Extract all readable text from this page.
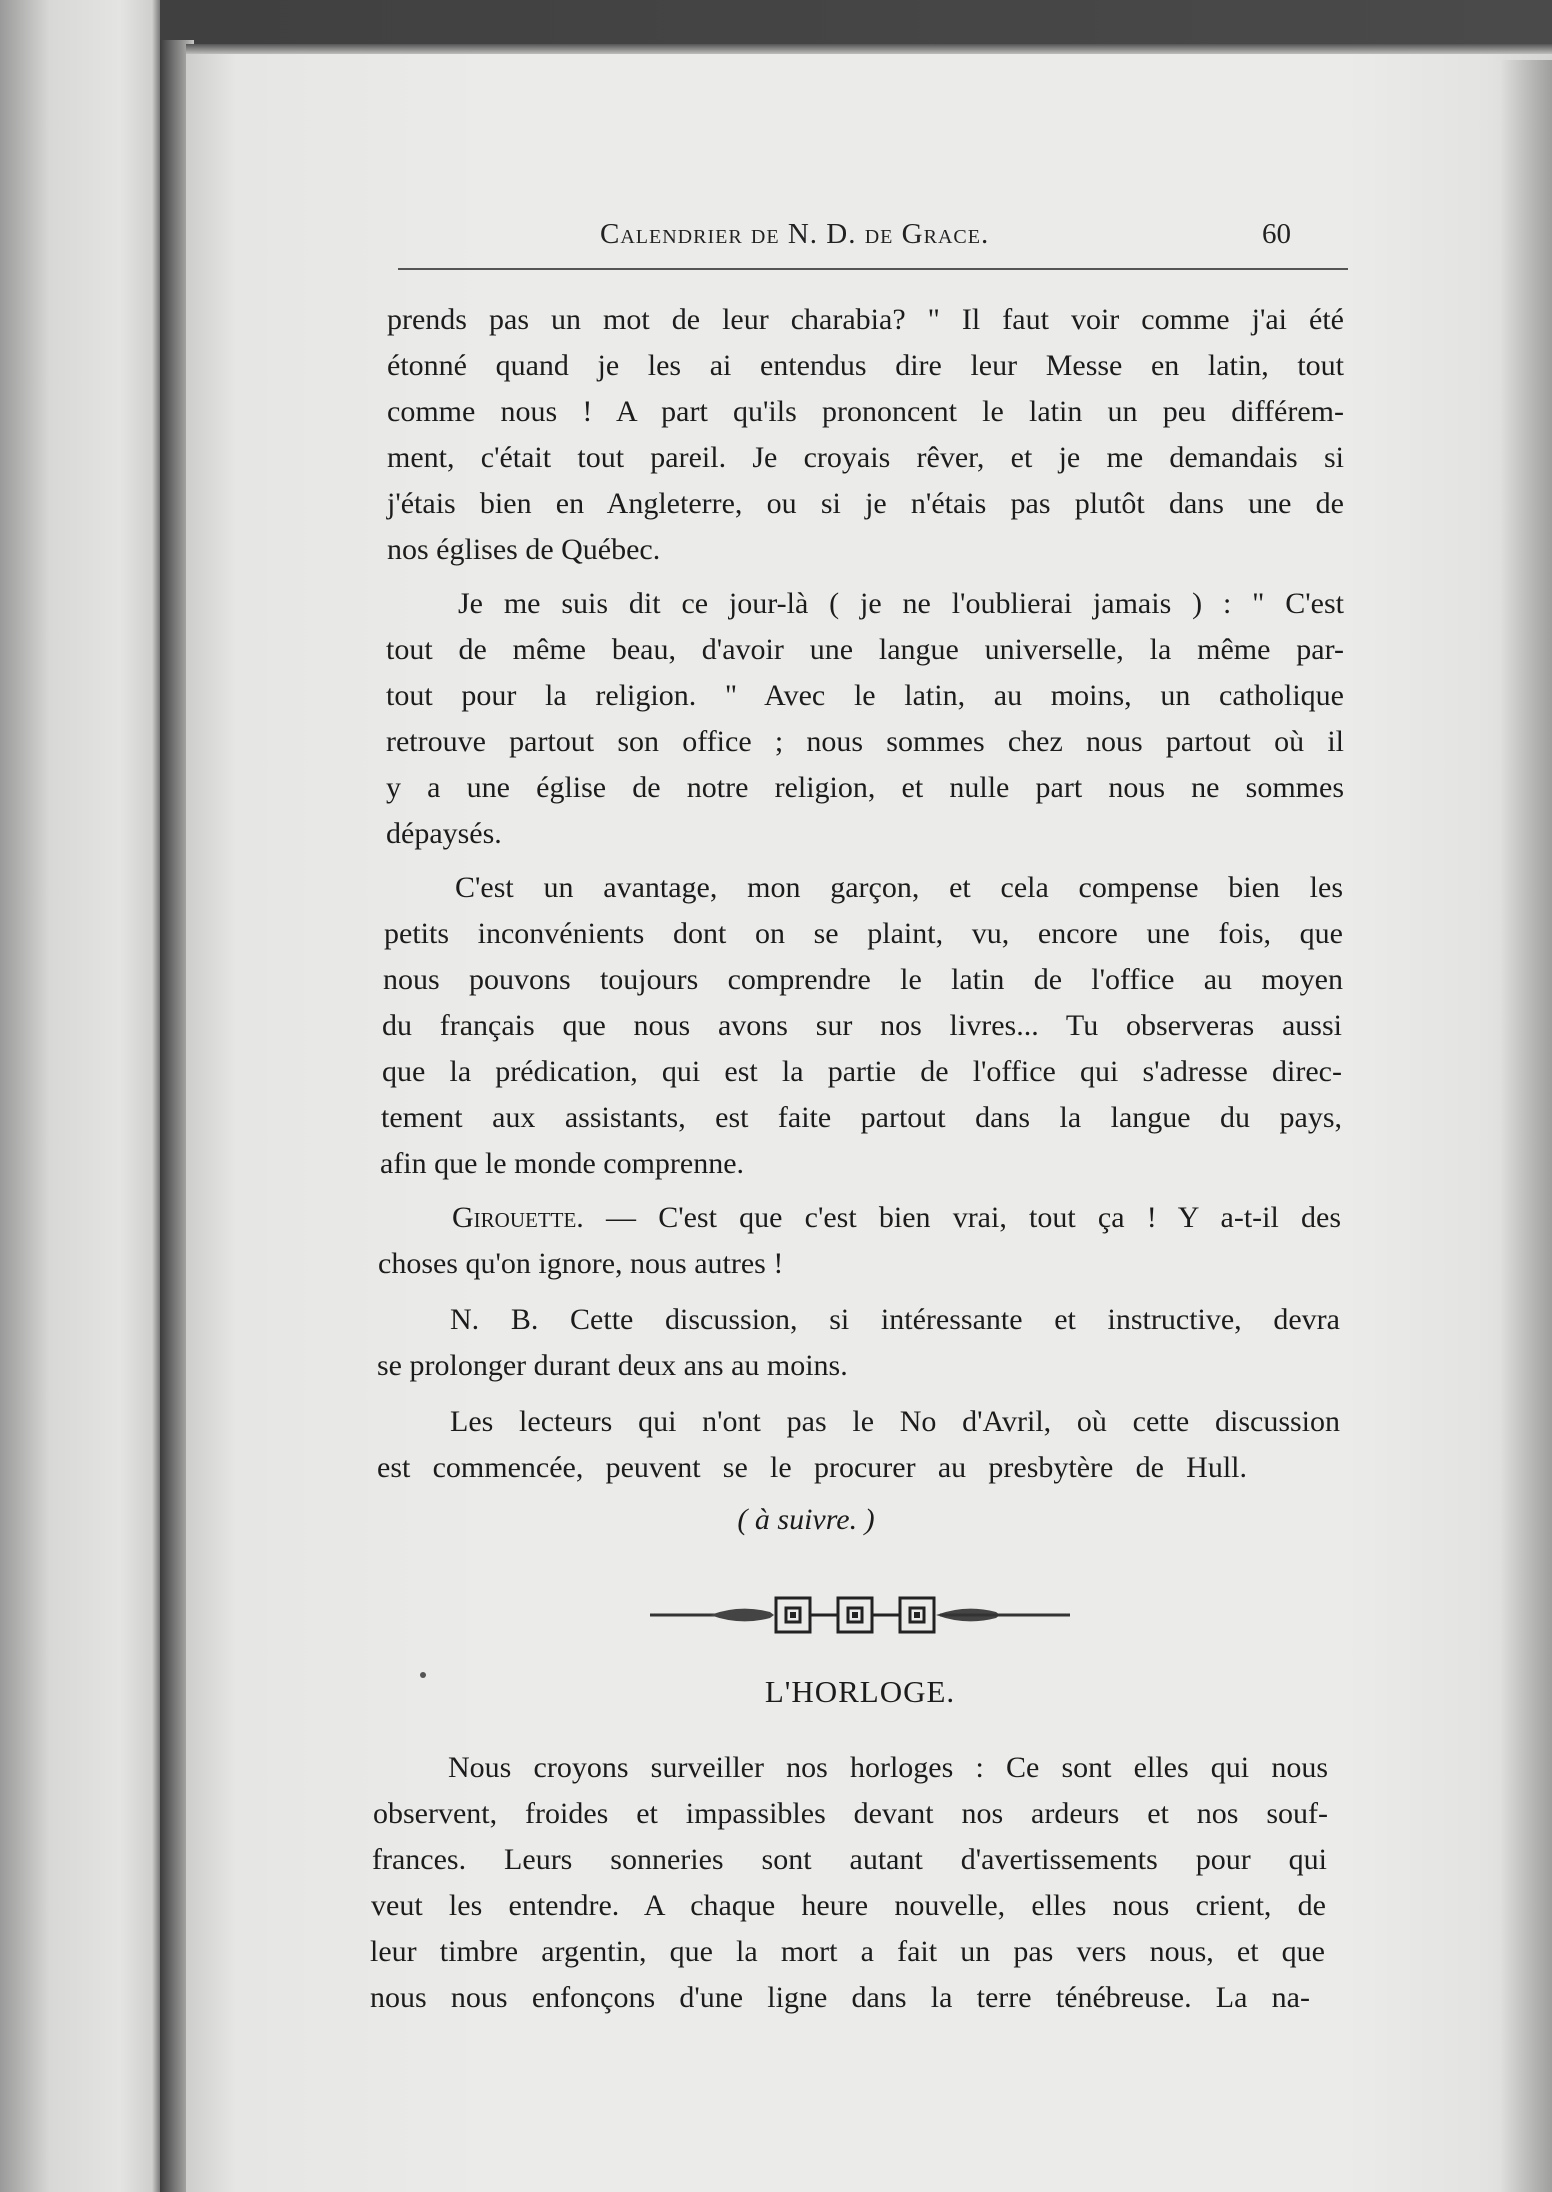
Calendrier de N. D. de Grace.	60
prends pas un mot de leur charabia? " Il faut voir comme j'ai été
étonné quand je les ai entendus dire leur Messe en latin, tout
comme nous ! A part qu'ils prononcent le latin un peu différem-
ment, c'était tout pareil. Je croyais rêver, et je me demandais si
j'étais bien en Angleterre, ou si je n'étais pas plutôt dans une de
nos églises de Québec.
Je me suis dit ce jour-là ( je ne l'oublierai jamais ) : " C'est
tout de même beau, d'avoir une langue universelle, la même par-
tout pour la religion. " Avec le latin, au moins, un catholique
retrouve partout son office ; nous sommes chez nous partout où il
y a une église de notre religion, et nulle part nous ne sommes
dépaysés.
C'est un avantage, mon garçon, et cela compense bien les
petits inconvénients dont on se plaint, vu, encore une fois, que
nous pouvons toujours comprendre le latin de l'office au moyen
du français que nous avons sur nos livres... Tu observeras aussi
que la prédication, qui est la partie de l'office qui s'adresse direc-
tement aux assistants, est faite partout dans la langue du pays,
afin que le monde comprenne.
Girouette. — C'est que c'est bien vrai, tout ça ! Y a-t-il des
choses qu'on ignore, nous autres !
N. B. Cette discussion, si intéressante et instructive, devra
se prolonger durant deux ans au moins.
Les lecteurs qui n'ont pas le No d'Avril, où cette discussion
est commencée, peuvent se le procurer au presbytère de Hull.
( à suivre. )
L'HORLOGE.
Nous croyons surveiller nos horloges : Ce sont elles qui nous
observent, froides et impassibles devant nos ardeurs et nos souf-
frances. Leurs sonneries sont autant d'avertissements pour qui
veut les entendre. A chaque heure nouvelle, elles nous crient, de
leur timbre argentin, que la mort a fait un pas vers nous, et que
nous nous enfonçons d'une ligne dans la terre ténébreuse. La na-
